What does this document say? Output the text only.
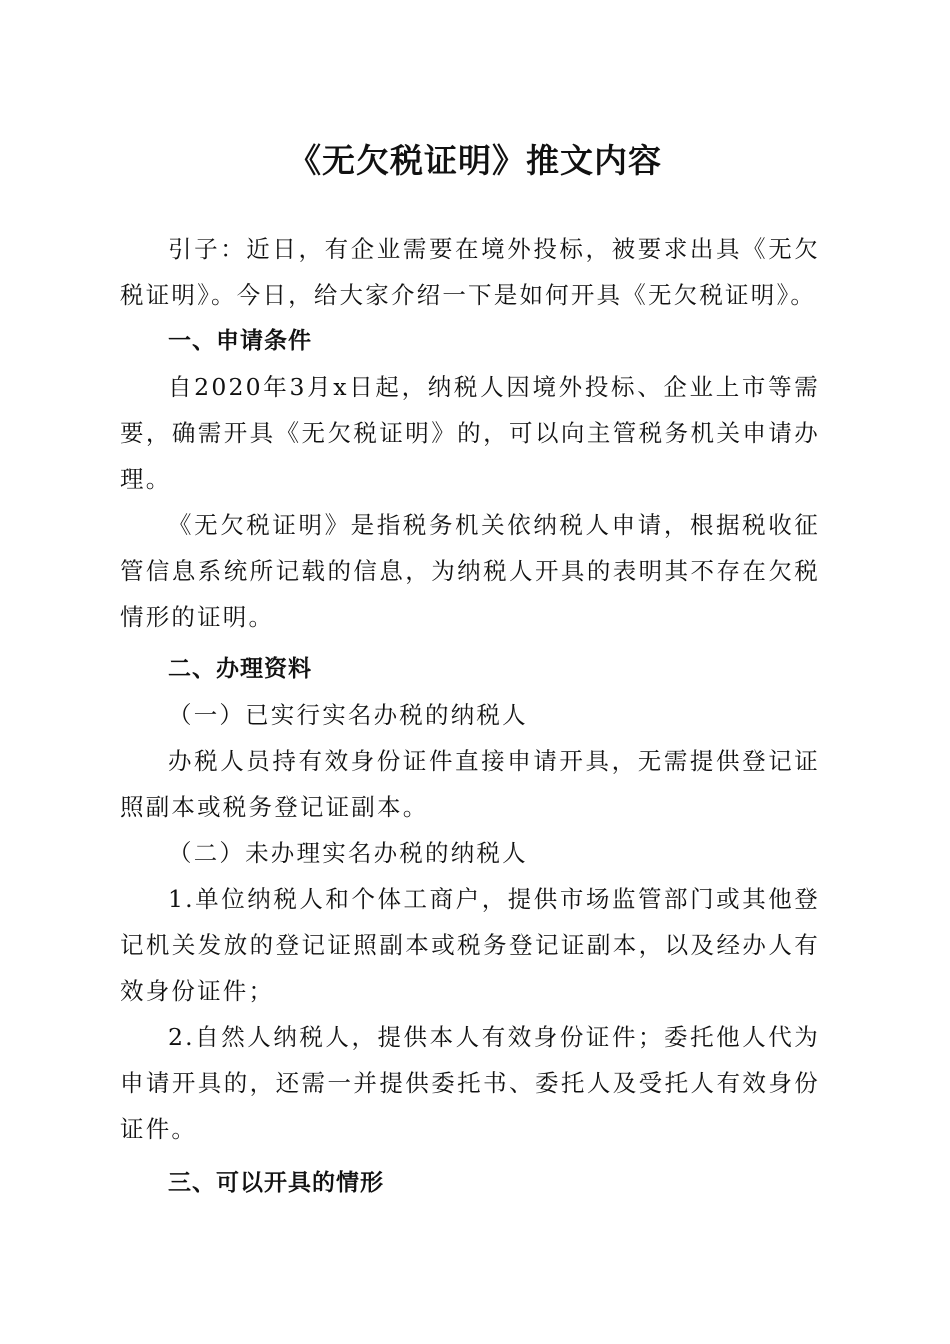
《无欠税证明》推文内容

引子：近日，有企业需要在境外投标，被要求出具《无欠税证明》。今日，给大家介绍一下是如何开具《无欠税证明》。

一、申请条件

自2020年3月x日起，纳税人因境外投标、企业上市等需要，确需开具《无欠税证明》的，可以向主管税务机关申请办理。

《无欠税证明》是指税务机关依纳税人申请，根据税收征管信息系统所记载的信息，为纳税人开具的表明其不存在欠税情形的证明。

二、办理资料

（一）已实行实名办税的纳税人

办税人员持有效身份证件直接申请开具，无需提供登记证照副本或税务登记证副本。

（二）未办理实名办税的纳税人

1.单位纳税人和个体工商户，提供市场监管部门或其他登记机关发放的登记证照副本或税务登记证副本，以及经办人有效身份证件；

2.自然人纳税人，提供本人有效身份证件；委托他人代为申请开具的，还需一并提供委托书、委托人及受托人有效身份证件。

三、可以开具的情形
